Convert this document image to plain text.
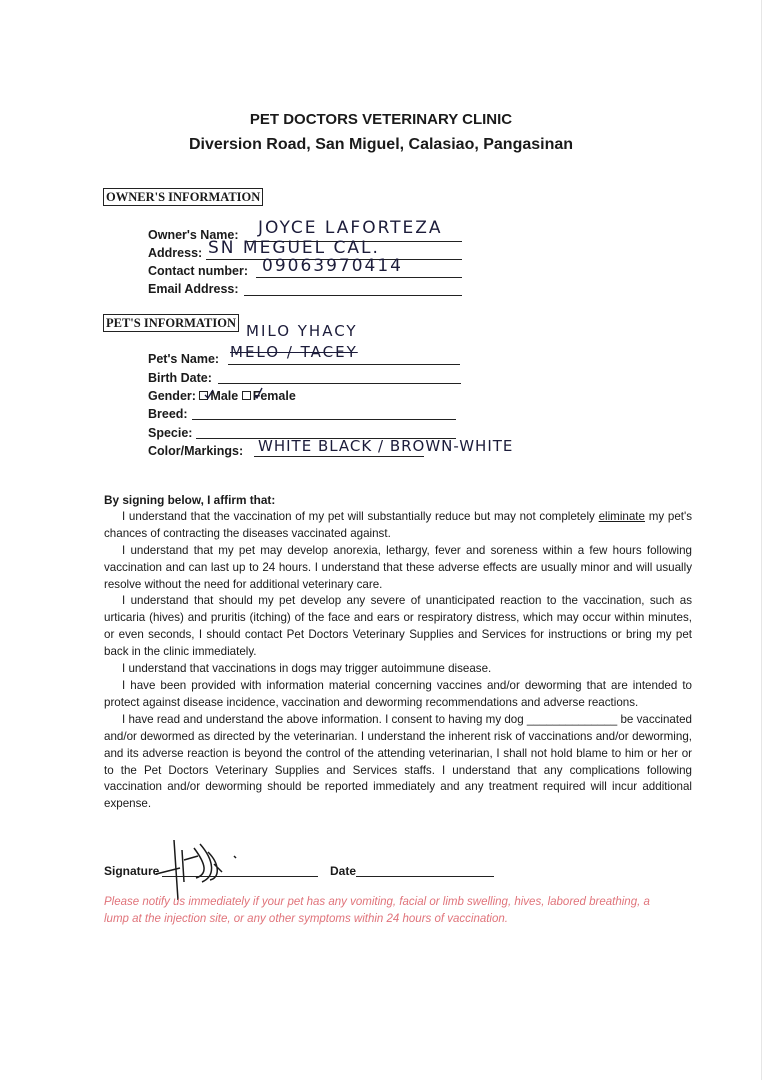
PET DOCTORS VETERINARY CLINIC
Diversion Road, San Miguel, Calasiao, Pangasinan
OWNER'S INFORMATION
Owner's Name: JOYCE LAFORTEZA
Address: SN MEGUEL CAL.
Contact number: 09063970414
Email Address:
PET'S INFORMATION MILO YHACY
Pet's Name: MELO / TACEY
Birth Date:
Gender: Male Female
Breed:
Specie:
Color/Markings: WHITE BLACK / BROWN-WHITE

By signing below, I affirm that:

I understand that the vaccination of my pet will substantially reduce but may not completely eliminate my pet's chances of contracting the diseases vaccinated against.

I understand that my pet may develop anorexia, lethargy, fever and soreness within a few hours following vaccination and can last up to 24 hours. I understand that these adverse effects are usually minor and will usually resolve without the need for additional veterinary care.

I understand that should my pet develop any severe of unanticipated reaction to the vaccination, such as urticaria (hives) and pruritis (itching) of the face and ears or respiratory distress, which may occur within minutes, or even seconds, I should contact Pet Doctors Veterinary Supplies and Services for instructions or bring my pet back in the clinic immediately.

I understand that vaccinations in dogs may trigger autoimmune disease.

I have been provided with information material concerning vaccines and/or deworming that are intended to protect against disease incidence, vaccination and deworming recommendations and adverse reactions.

I have read and understand the above information. I consent to having my dog ______________ be vaccinated and/or dewormed as directed by the veterinarian. I understand the inherent risk of vaccinations and/or deworming, and its adverse reaction is beyond the control of the attending veterinarian, I shall not hold blame to him or her or to the Pet Doctors Veterinary Supplies and Services staffs. I understand that any complications following vaccination and/or deworming should be reported immediately and any treatment required will incur additional expense.

Signature	Date
Please notify us immediately if your pet has any vomiting, facial or limb swelling, hives, labored breathing, a lump at the injection site, or any other symptoms within 24 hours of vaccination.
